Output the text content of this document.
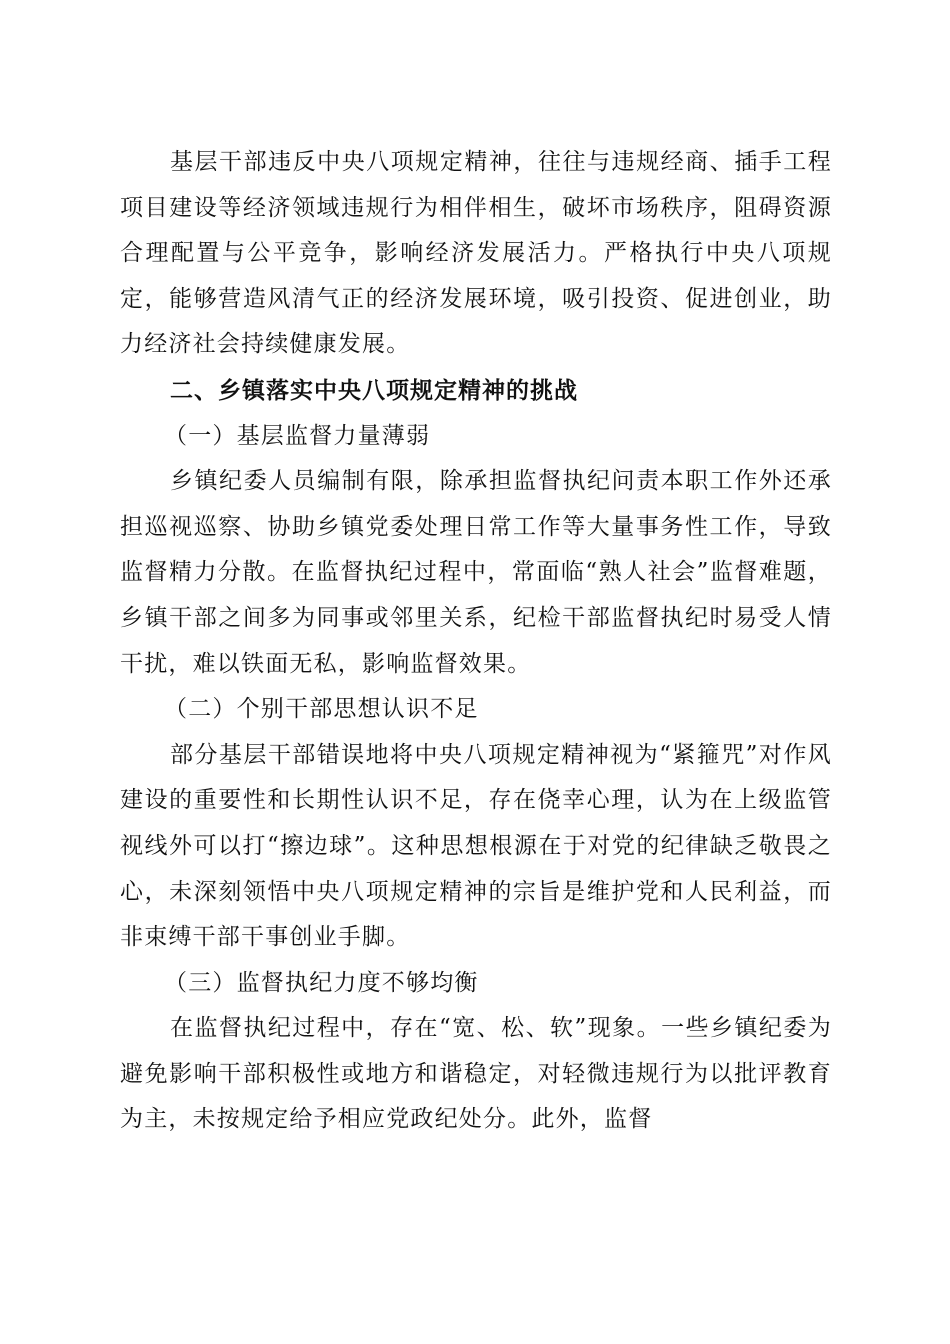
基层干部违反中央八项规定精神，往往与违规经商、插手工程项目建设等经济领域违规行为相伴相生，破坏市场秩序，阻碍资源合理配置与公平竞争，影响经济发展活力。严格执行中央八项规定，能够营造风清气正的经济发展环境，吸引投资、促进创业，助力经济社会持续健康发展。

二、乡镇落实中央八项规定精神的挑战

（一）基层监督力量薄弱

乡镇纪委人员编制有限，除承担监督执纪问责本职工作外还承担巡视巡察、协助乡镇党委处理日常工作等大量事务性工作，导致监督精力分散。在监督执纪过程中，常面临“熟人社会”监督难题，乡镇干部之间多为同事或邻里关系，纪检干部监督执纪时易受人情干扰，难以铁面无私，影响监督效果。

（二）个别干部思想认识不足

部分基层干部错误地将中央八项规定精神视为“紧箍咒”对作风建设的重要性和长期性认识不足，存在侥幸心理，认为在上级监管视线外可以打“擦边球”。这种思想根源在于对党的纪律缺乏敬畏之心，未深刻领悟中央八项规定精神的宗旨是维护党和人民利益，而非束缚干部干事创业手脚。

（三）监督执纪力度不够均衡

在监督执纪过程中，存在“宽、松、软”现象。一些乡镇纪委为避免影响干部积极性或地方和谐稳定，对轻微违规行为以批评教育为主，未按规定给予相应党政纪处分。此外，监督
